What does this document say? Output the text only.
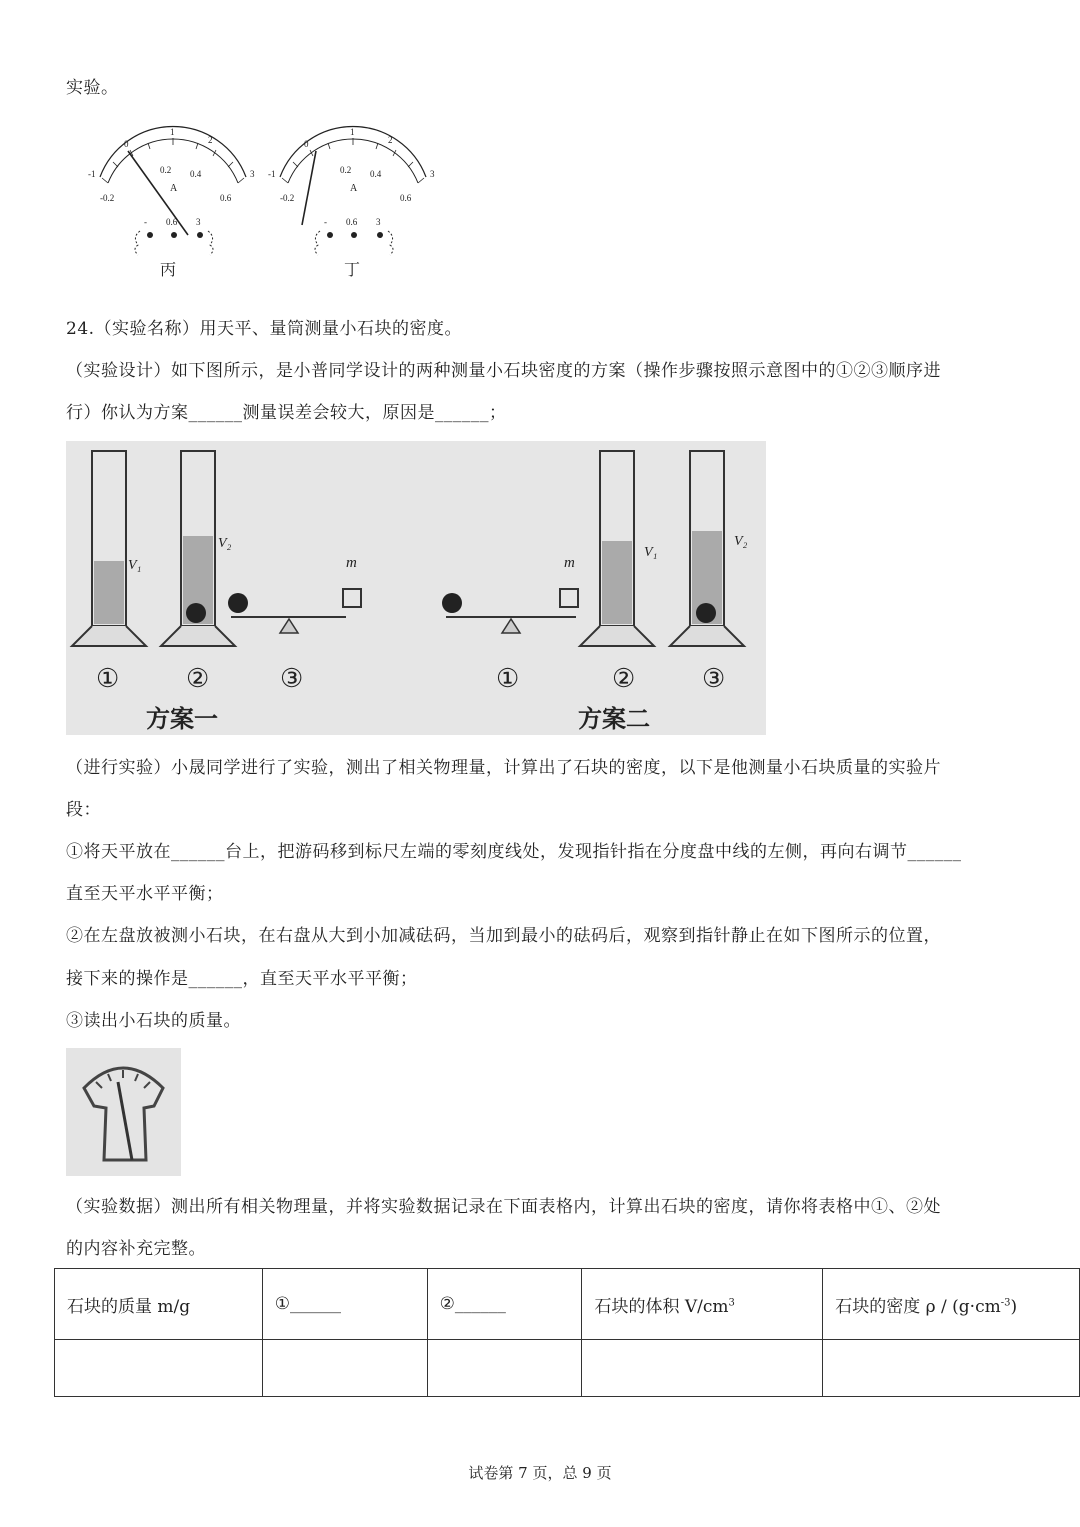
实验。
-1
0
1
2
3
-0.2
0.2 0.4
0.6
A
- 0.6 3
丙
-1
0
1
2
3
-0.2
0.2 0.4
0.6
A
- 0.6 3
丁
24.（实验名称）用天平、量筒测量小石块的密度。
（实验设计）如下图所示，是小普同学设计的两种测量小石块密度的方案（操作步骤按照示意图中的①②③顺序进
行）你认为方案______测量误差会较大，原因是______；
V₁
V₂
m	m
V₁
V₂
①	②	③	①	②	③
方案一	方案二
（进行实验）小晟同学进行了实验，测出了相关物理量，计算出了石块的密度，以下是他测量小石块质量的实验片
段：
①将天平放在______台上，把游码移到标尺左端的零刻度线处，发现指针指在分度盘中线的左侧，再向右调节______
直至天平水平平衡；
②在左盘放被测小石块，在右盘从大到小加减砝码，当加到最小的砝码后，观察到指针静止在如下图所示的位置，
接下来的操作是______，直至天平水平平衡；
③读出小石块的质量。
（实验数据）测出所有相关物理量，并将实验数据记录在下面表格内，计算出石块的密度，请你将表格中①、②处
的内容补充完整。
石块的质量 m/g	①______	②______	石块的体积 $V/cm^3$	石块的密度 $\rho / (g\cdot cm^{-3})$

试卷第 7 页，总 9 页
